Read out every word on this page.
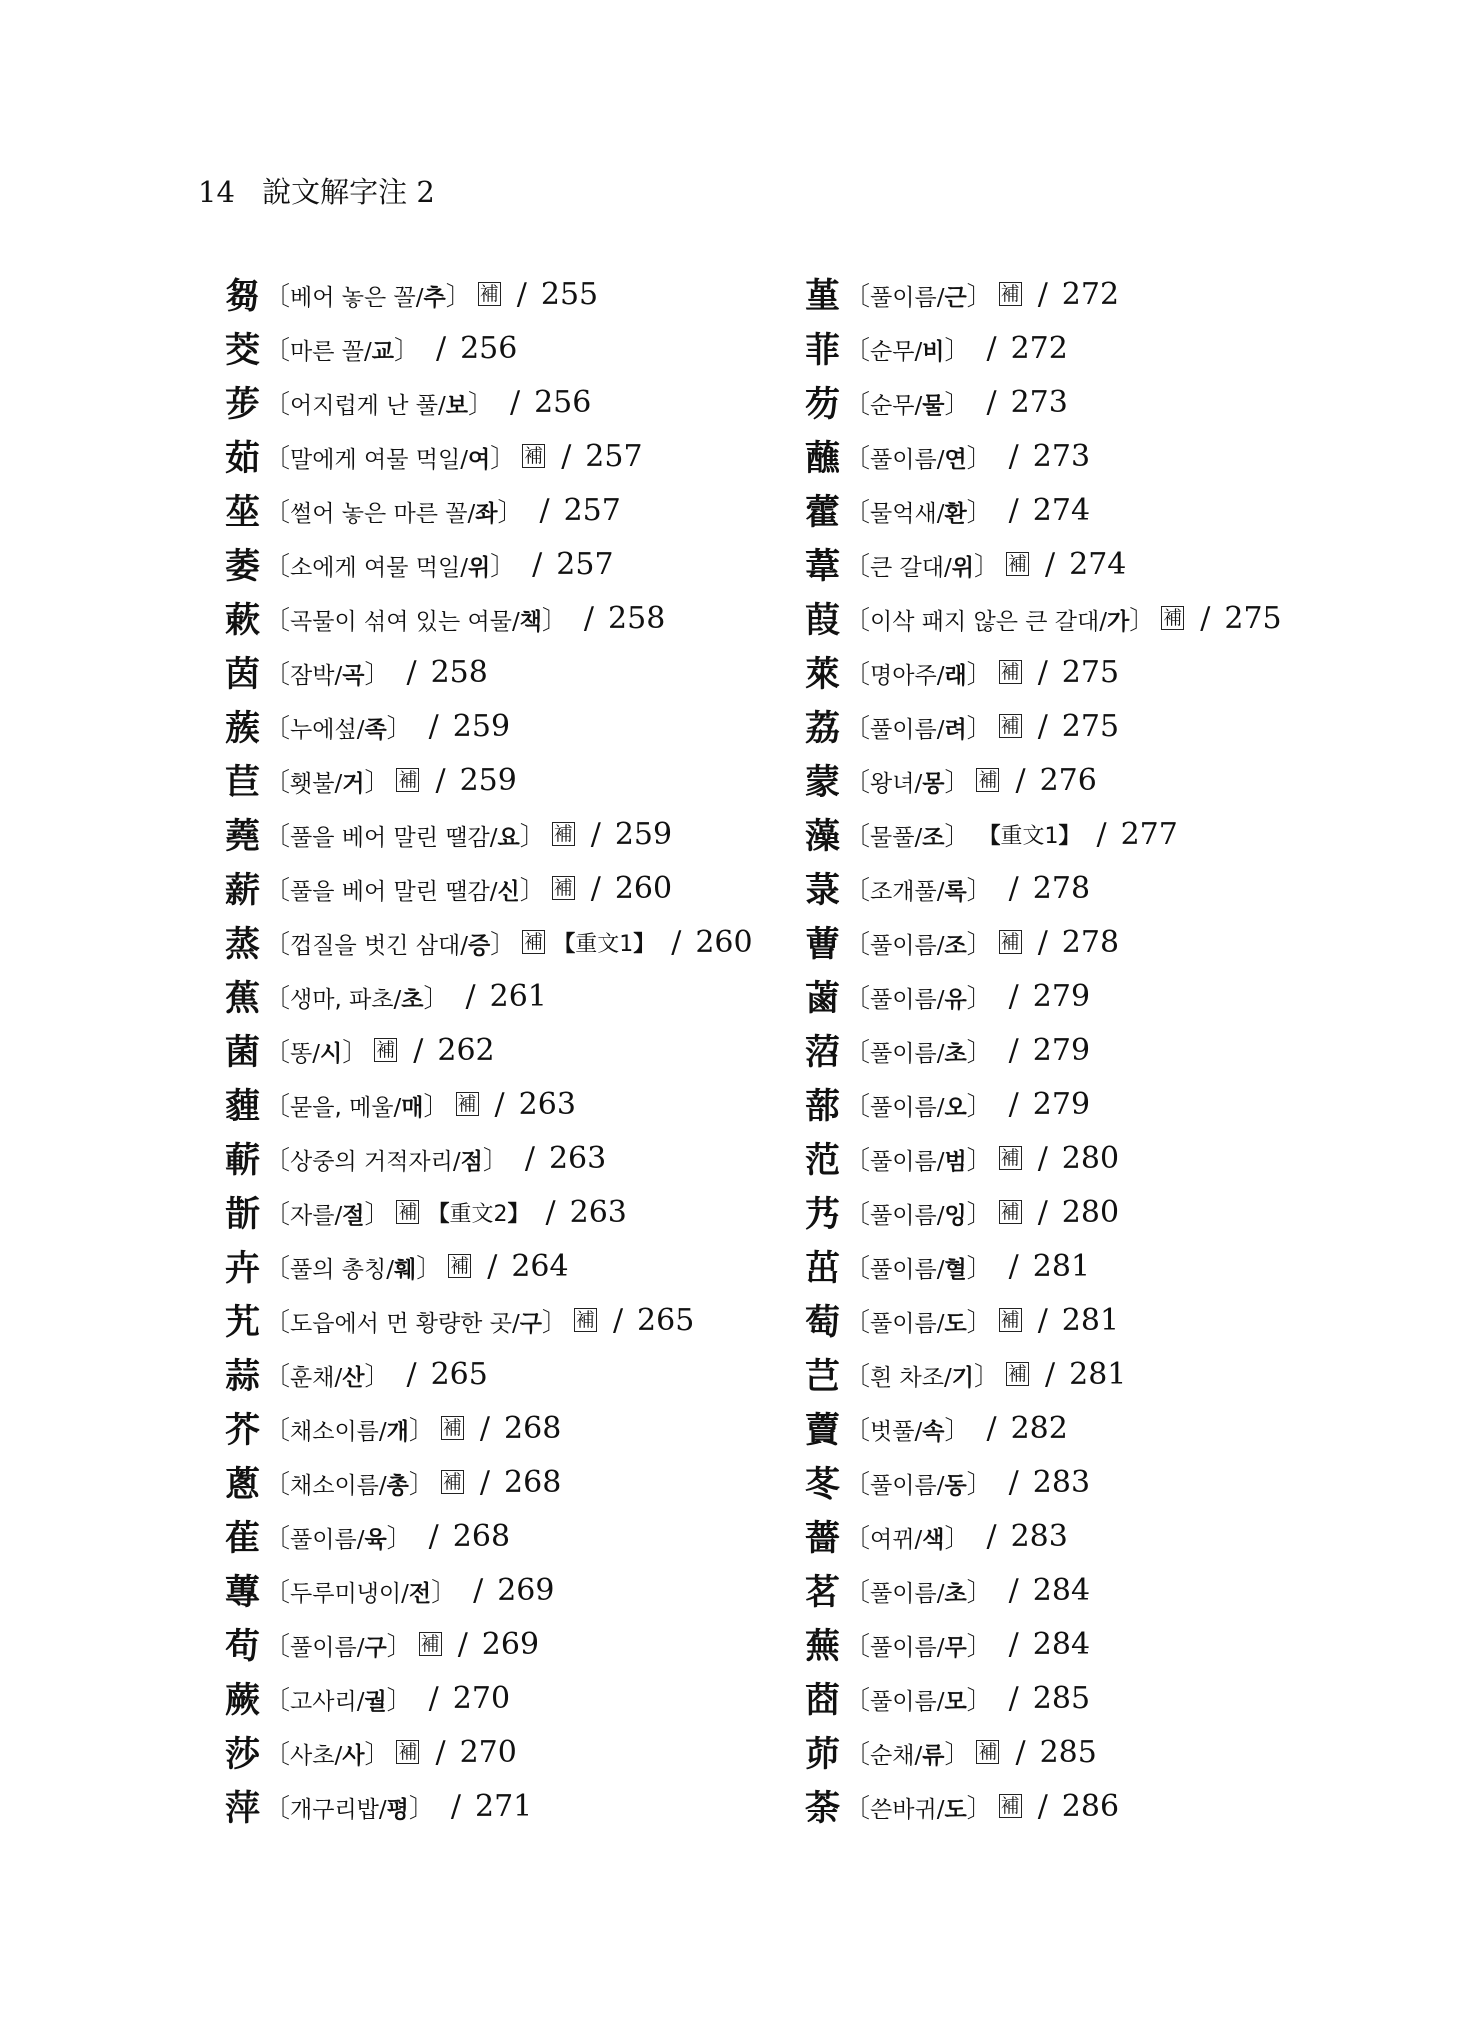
14 說文解字注 2
芻 〔베어 놓은 꼴/추〕 補 / 255
茭 〔마른 꼴/교〕 / 256
荹 〔어지럽게 난 풀/보〕 / 256
茹 〔말에게 여물 먹일/여〕 補 / 257
莝 〔썰어 놓은 마른 꼴/좌〕 / 257
萎 〔소에게 여물 먹일/위〕 / 257
蔌 〔곡물이 섞여 있는 여물/책〕 / 258
茵 〔잠박/곡〕 / 258
蔟 〔누에섶/족〕 / 259
苣 〔횃불/거〕 補 / 259
蕘 〔풀을 베어 말린 땔감/요〕 補 / 259
薪 〔풀을 베어 말린 땔감/신〕 補 / 260
蒸 〔껍질을 벗긴 삼대/증〕 補 【重文1】 / 260
蕉 〔생마, 파초/초〕 / 261
菌 〔똥/시〕 補 / 262
薶 〔묻을, 메울/매〕 補 / 263
蔪 〔상중의 거적자리/점〕 / 263
斮 〔자를/절〕 補 【重文2】 / 263
卉 〔풀의 총칭/훼〕 補 / 264
艽 〔도읍에서 먼 황량한 곳/구〕 補 / 265
蒜 〔훈채/산〕 / 265
芥 〔채소이름/개〕 補 / 268
蔥 〔채소이름/총〕 補 / 268
萑 〔풀이름/육〕 / 268
蓴 〔두루미냉이/전〕 / 269
苟 〔풀이름/구〕 補 / 269
蕨 〔고사리/궐〕 / 270
莎 〔사초/사〕 補 / 270
萍 〔개구리밥/평〕 / 271
堇 〔풀이름/근〕 補 / 272
菲 〔순무/비〕 / 272
芴 〔순무/물〕 / 273
蘸 〔풀이름/연〕 / 273
藿 〔물억새/환〕 / 274
葦 〔큰 갈대/위〕 補 / 274
葭 〔이삭 패지 않은 큰 갈대/가〕 補 / 275
萊 〔명아주/래〕 補 / 275
荔 〔풀이름/려〕 補 / 275
蒙 〔왕녀/몽〕 補 / 276
藻 〔물풀/조〕 【重文1】 / 277
菉 〔조개풀/록〕 / 278
蓸 〔풀이름/조〕 補 / 278
蓾 〔풀이름/유〕 / 279
菬 〔풀이름/초〕 / 279
蔀 〔풀이름/오〕 / 279
范 〔풀이름/범〕 補 / 280
艿 〔풀이름/잉〕 補 / 280
茁 〔풀이름/혈〕 / 281
萄 〔풀이름/도〕 補 / 281
芑 〔흰 차조/기〕 補 / 281
藚 〔벗풀/속〕 / 282
苳 〔풀이름/동〕 / 283
薔 〔여뀌/색〕 / 283
茗 〔풀이름/초〕 / 284
蕪 〔풀이름/무〕 / 284
莔 〔풀이름/모〕 / 285
茆 〔순채/류〕 補 / 285
荼 〔쓴바귀/도〕 補 / 286
